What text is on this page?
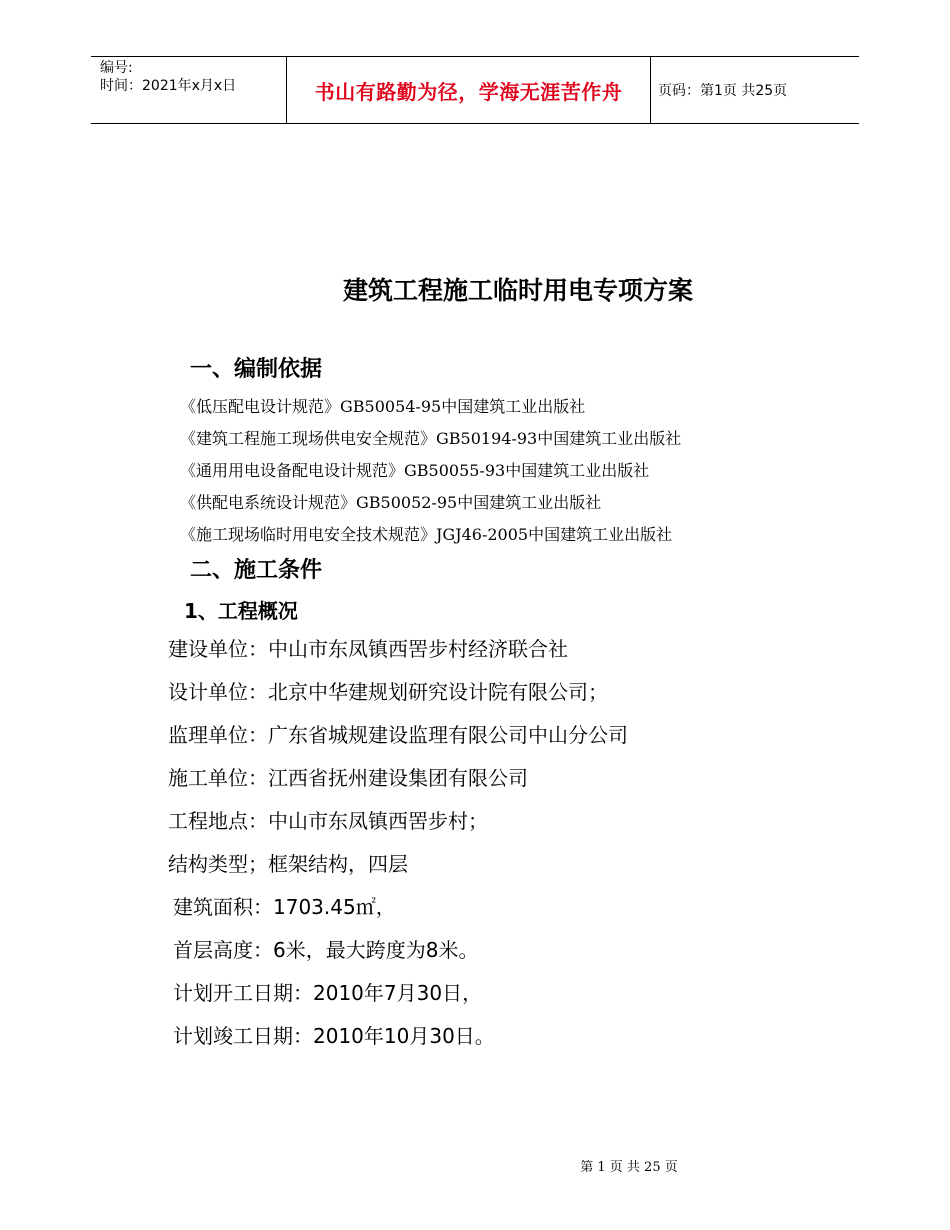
编号:
时间：2021年x月x日	书山有路勤为径，学海无涯苦作舟	页码：第1页 共25页
建筑工程施工临时用电专项方案
一、编制依据
《低压配电设计规范》GB50054-95中国建筑工业出版社
《建筑工程施工现场供电安全规范》GB50194-93中国建筑工业出版社
《通用用电设备配电设计规范》GB50055-93中国建筑工业出版社
《供配电系统设计规范》GB50052-95中国建筑工业出版社
《施工现场临时用电安全技术规范》JGJ46-2005中国建筑工业出版社
二、施工条件
1、工程概况
建设单位：中山市东凤镇西罟步村经济联合社
设计单位：北京中华建规划研究设计院有限公司；
监理单位：广东省城规建设监理有限公司中山分公司
施工单位：江西省抚州建设集团有限公司
工程地点：中山市东凤镇西罟步村；
结构类型；框架结构，四层
建筑面积：1703.45㎡，
首层高度：6米，最大跨度为8米。
计划开工日期：2010年7月30日，
计划竣工日期：2010年10月30日。
第 1 页 共 25 页
